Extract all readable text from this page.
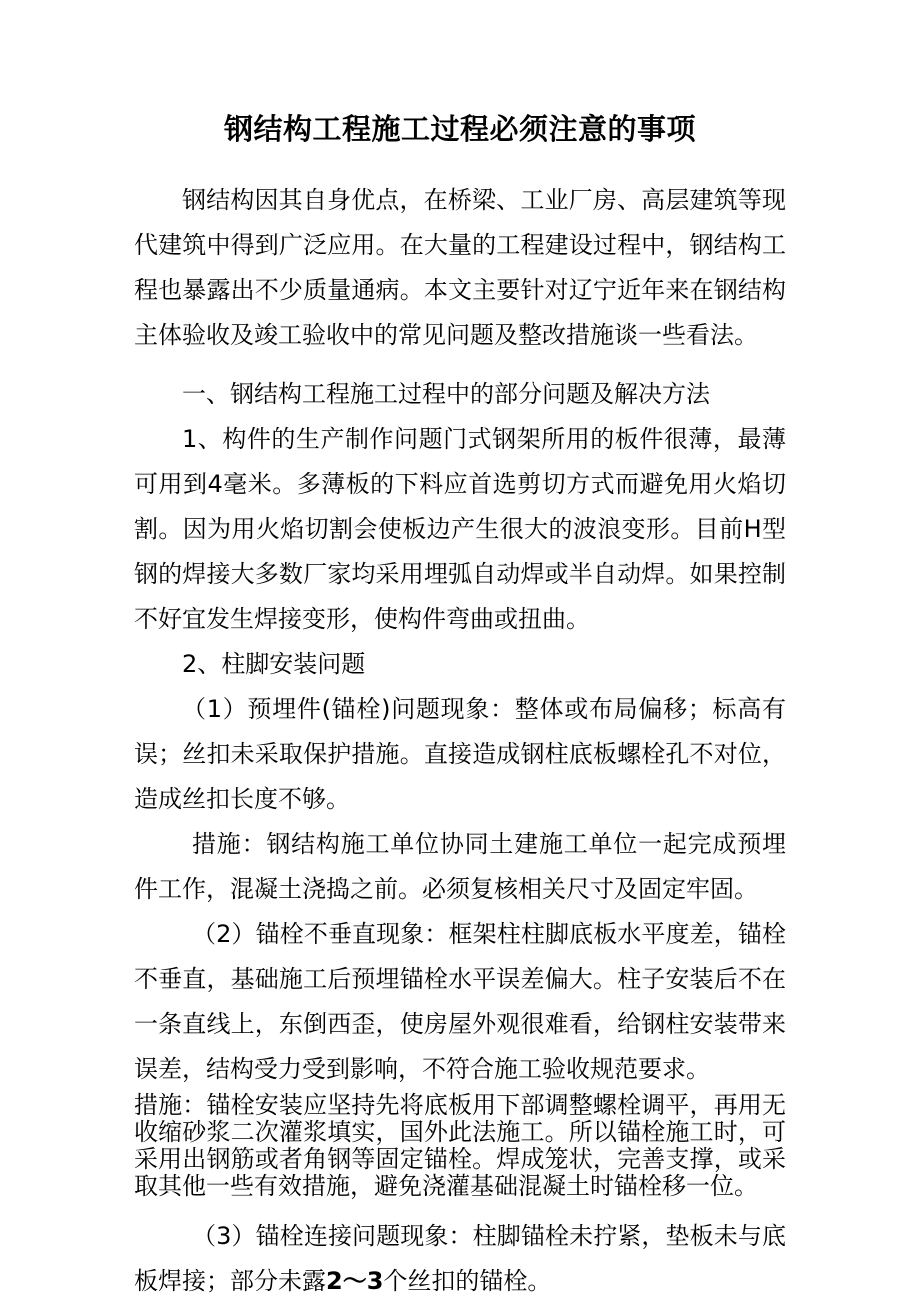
钢结构工程施工过程必须注意的事项

钢结构因其自身优点，在桥梁、工业厂房、高层建筑等现代建筑中得到广泛应用。在大量的工程建设过程中，钢结构工程也暴露出不少质量通病。本文主要针对辽宁近年来在钢结构主体验收及竣工验收中的常见问题及整改措施谈一些看法。

一、钢结构工程施工过程中的部分问题及解决方法

1、构件的生产制作问题门式钢架所用的板件很薄，最薄可用到4毫米。多薄板的下料应首选剪切方式而避免用火焰切割。因为用火焰切割会使板边产生很大的波浪变形。目前H型钢的焊接大多数厂家均采用埋弧自动焊或半自动焊。如果控制不好宜发生焊接变形，使构件弯曲或扭曲。

2、柱脚安装问题

（1）预埋件(锚栓)问题现象：整体或布局偏移；标高有误；丝扣未采取保护措施。直接造成钢柱底板螺栓孔不对位，造成丝扣长度不够。

措施：钢结构施工单位协同土建施工单位一起完成预埋件工作，混凝土浇捣之前。必须复核相关尺寸及固定牢固。

（2）锚栓不垂直现象：框架柱柱脚底板水平度差，锚栓不垂直，基础施工后预埋锚栓水平误差偏大。柱子安装后不在一条直线上，东倒西歪，使房屋外观很难看，给钢柱安装带来误差，结构受力受到影响，不符合施工验收规范要求。

措施：锚栓安装应坚持先将底板用下部调整螺栓调平，再用无收缩砂浆二次灌浆填实，国外此法施工。所以锚栓施工时，可采用出钢筋或者角钢等固定锚栓。焊成笼状，完善支撑，或采取其他一些有效措施，避免浇灌基础混凝土时锚栓移一位。

（3）锚栓连接问题现象：柱脚锚栓未拧紧，垫板未与底板焊接；部分未露2～3个丝扣的锚栓。
